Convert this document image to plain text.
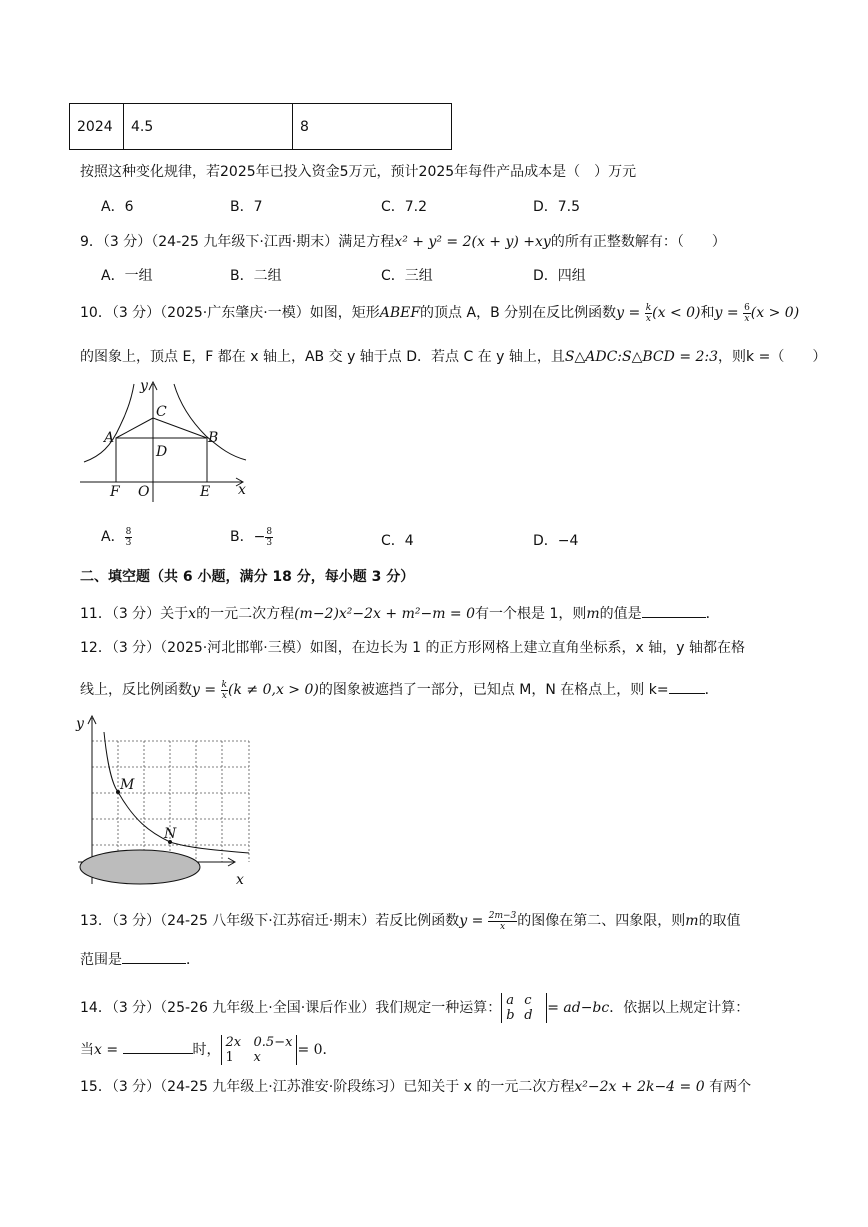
2024	4.5	8
按照这种变化规律，若2025年已投入资金5万元，预计2025年每件产品成本是（　）万元
A．6	B．7	C．7.2	D．7.5
9．（3 分）（24-25 九年级下·江西·期末）满足方程x² + y² = 2(x + y) +xy的所有正整数解有：（　　）
A．一组	B．二组	C．三组	D．四组
10．（3 分）（2025·广东肇庆·一模）如图，矩形ABEF的顶点 A，B 分别在反比例函数$y = \frac{k}{x} (x < 0)$和$y = \frac{6}{x} (x > 0)$
的图象上，顶点 E，F 都在 x 轴上，AB 交 y 轴于点 D．若点 C 在 y 轴上，且S△ADC:S△BCD = 2:3，则k =（　　）
y
x
C
A	B
D
F O	E
A． $\frac{8}{3}$	B．− $\frac{8}{3}$	C．4	D．−4
二、填空题（共 6 小题，满分 18 分，每小题 3 分）
11．（3 分）关于x的一元二次方程(m−2)x²−2x + m²−m = 0有一个根是 1，则m的值是	．
12．（3 分）（2025·河北邯郸·三模）如图，在边长为 1 的正方形网格上建立直角坐标系，x 轴，y 轴都在格
线上，反比例函数$y = \frac{k}{x} (k \ne 0,x > 0)$的图象被遮挡了一部分，已知点 M，N 在格点上，则 k=	．
y
x
M
N
13．（3 分）（24-25 八年级下·江苏宿迁·期末）若反比例函数$y = \frac{2m-3}{x}$ 的图像在第二、四象限，则m的取值
范围是	．
14．（3 分）（25-26 九年级上·全国·课后作业）我们规定一种运算： a c
b d = ad−bc．依据以上规定计算：
当x =	时， 2x 0.5−x
1 x	= 0．
15．（3 分）（24-25 九年级上·江苏淮安·阶段练习）已知关于 x 的一元二次方程x²−2x + 2k−4 = 0 有两个
